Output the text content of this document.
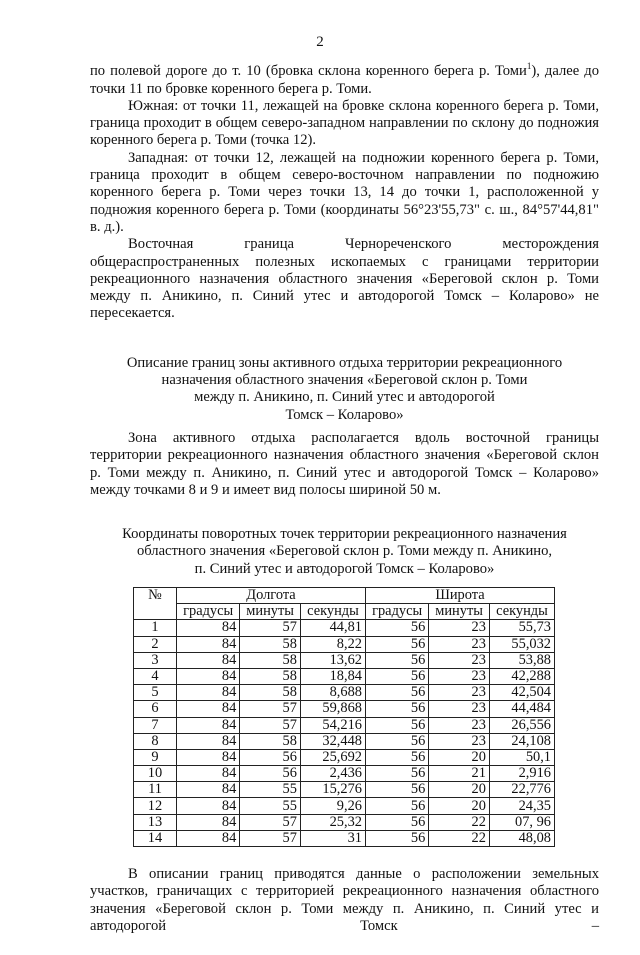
2

по полевой дороге до т. 10 (бровка склона коренного берега р. Томи$^1$), далее до точки 11 по бровке коренного берега р. Томи.

Южная: от точки 11, лежащей на бровке склона коренного берега р. Томи, граница проходит в общем северо-западном направлении по склону до подножия коренного берега р. Томи (точка 12).

Западная: от точки 12, лежащей на подножии коренного берега р. Томи, граница проходит в общем северо-восточном направлении по подножию коренного берега р. Томи через точки 13, 14 до точки 1, расположенной у подножия коренного берега р. Томи (координаты 56°23'55,73" с. ш., 84°57'44,81" в. д.).

Восточная граница Чернореченского месторождения общераспространенных полезных ископаемых с границами территории рекреационного назначения областного значения «Береговой склон р. Томи между п. Аникино, п. Синий утес и автодорогой Томск – Коларово» не пересекается.

Описание границ зоны активного отдыха территории рекреационного
назначения областного значения «Береговой склон р. Томи
между п. Аникино, п. Синий утес и автодорогой
Томск – Коларово»

Зона активного отдыха располагается вдоль восточной границы территории рекреационного назначения областного значения «Береговой склон р. Томи между п. Аникино, п. Синий утес и автодорогой Томск – Коларово» между точками 8 и 9 и имеет вид полосы шириной 50 м.

Координаты поворотных точек территории рекреационного назначения
областного значения «Береговой склон р. Томи между п. Аникино,
п. Синий утес и автодорогой Томск – Коларово»
№	Долгота			Широта		
	градусы	минуты	секунды	градусы	минуты	секунды
1	84	57	44,81	56	23	55,73
2	84	58	8,22	56	23	55,032
3	84	58	13,62	56	23	53,88
4	84	58	18,84	56	23	42,288
5	84	58	8,688	56	23	42,504
6	84	57	59,868	56	23	44,484
7	84	57	54,216	56	23	26,556
8	84	58	32,448	56	23	24,108
9	84	56	25,692	56	20	50,1
10	84	56	2,436	56	21	2,916
11	84	55	15,276	56	20	22,776
12	84	55	9,26	56	20	24,35
13	84	57	25,32	56	22	07, 96
14	84	57	31	56	22	48,08

В описании границ приводятся данные о расположении земельных участков, граничащих с территорией рекреационного назначения областного значения «Береговой склон р. Томи между п. Аникино, п. Синий утес и автодорогой Томск –
